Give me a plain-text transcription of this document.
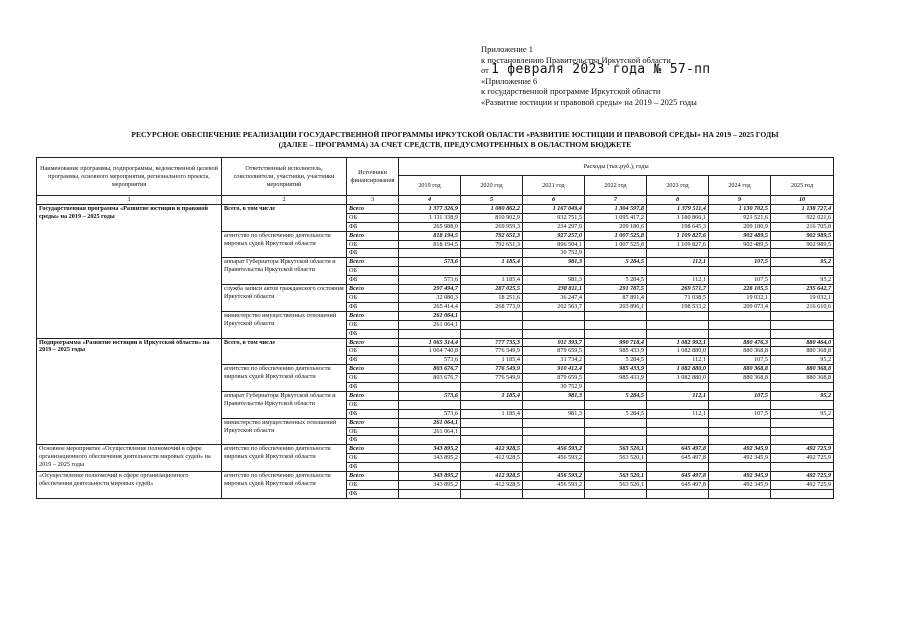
Приложение 1
к постановлению Правительства Иркутской области
от 1 февраля 2023 года № 57-пп
«Приложение 6
к государственной программе Иркутской области
«Развитие юстиции и правовой среды» на 2019 – 2025 годы
РЕСУРСНОЕ ОБЕСПЕЧЕНИЕ РЕАЛИЗАЦИИ ГОСУДАРСТВЕННОЙ ПРОГРАММЫ ИРКУТСКОЙ ОБЛАСТИ «РАЗВИТИЕ ЮСТИЦИИ И ПРАВОВОЙ СРЕДЫ» НА 2019 – 2025 ГОДЫ
(ДАЛЕЕ – ПРОГРАММА) ЗА СЧЕТ СРЕДСТВ, ПРЕДУСМОТРЕННЫХ В ОБЛАСТНОМ БЮДЖЕТЕ
Наименование программы, подпрограммы, ведомственной целевой программы, основного мероприятия, регионального проекта, мероприятия	Ответственный исполнитель, соисполнители, участники, участники мероприятий	Источники финансирования	Расходы (тыс.руб.), годы						
			2019 год	2020 год	2021 год	2022 год	2023 год	2024 год	2025 год
1	2	3	4	5	6	7	8	9	10
Государственная программа «Развитие юстиции и правовой среды» на 2019 – 2025 годы	Всего, в том числе	Всего	1 377 326,9	1 080 862,2	1 167 049,4	1 304 597,8	1 379 511,4	1 130 702,5	1 138 727,4
		ОБ	1 111 338,9	810 902,9	932 751,5	1 095 417,2	1 180 866,1	921 521,6	922 021,6
		ФБ	265 988,0	269 959,3	234 297,9	209 180,6	198 645,3	209 180,9	216 705,8
	агентство по обеспечению деятельности мировых судей Иркутской области	Всего	818 194,5	792 651,3	927 257,0	1 007 525,8	1 109 827,6	902 489,5	902 989,5
		ОБ	818 194,5	792 651,3	896 504,1	1 007 525,8	1 109 827,6	902 489,5	902 989,5
		ФБ			30 752,9				
	аппарат Губернатора Иркутской области и Правительства Иркутской области	Всего	573,6	1 185,4	981,3	5 284,5	112,1	107,5	95,2
		ОБ							
		ФБ	573,6	1 185,4	981,3	5 284,5	112,1	107,5	95,2
	служба записи актов гражданского состояния Иркутской области	Всего	297 494,7	287 025,5	238 811,1	291 787,5	269 571,7	228 105,5	235 642,7
		ОБ	32 080,3	18 251,6	36 247,4	87 891,4	71 038,5	19 032,1	19 032,1
		ФБ	265 414,4	268 773,9	202 563,7	203 896,1	198 533,2	209 073,4	216 610,6
	министерство имущественных отношений Иркутской области	Всего	261 064,1						
		ОБ	261 064,1						
		ФБ							
Подпрограмма «Развитие юстиции в Иркутской области» на 2019 – 2025 годы	Всего, в том числе	Всего	1 065 314,4	777 735,3	911 393,7	990 718,4	1 082 992,1	880 476,3	880 464,0
		ОБ	1 064 740,8	776 549,9	879 659,5	985 433,9	1 082 880,0	880 368,8	880 368,8
		ФБ	573,6	1 185,4	31 734,2	5 284,5	112,1	107,5	95,2
	агентство по обеспечению деятельности мировых судей Иркутской области	Всего	803 676,7	776 549,9	910 412,4	985 433,9	1 082 880,0	880 368,8	880 368,8
		ОБ	803 676,7	776 549,9	879 659,5	985 433,9	1 082 880,0	880 368,8	880 368,8
		ФБ			30 752,9				
	аппарат Губернатора Иркутской области и Правительства Иркутской области	Всего	573,6	1 185,4	981,3	5 284,5	112,1	107,5	95,2
		ОБ							
		ФБ	573,6	1 185,4	981,3	5 284,5	112,1	107,5	95,2
	министерство имущественных отношений Иркутской области	Всего	261 064,1						
		ОБ	261 064,1						
		ФБ							
Основное мероприятие «Осуществление полномочий в сфере организационного обеспечения деятельности мировых судей» на 2019 – 2025 годы	агентство по обеспечению деятельности мировых судей Иркутской области	Всего	343 895,2	412 928,5	456 593,2	563 520,1	645 497,8	492 345,9	492 725,9
		ОБ	343 895,2	412 928,5	456 593,2	563 520,1	645 497,8	492 345,9	492 725,9
		ФБ							
«Осуществление полномочий в сфере организационного обеспечения деятельности мировых судей»	агентство по обеспечению деятельности мировых судей Иркутской области	Всего	343 895,2	412 928,5	456 593,2	563 520,1	645 497,8	492 345,9	492 725,9
		ОБ	343 895,2	412 928,5	456 593,2	563 520,1	645 497,8	492 345,9	492 725,9
		ФБ							
